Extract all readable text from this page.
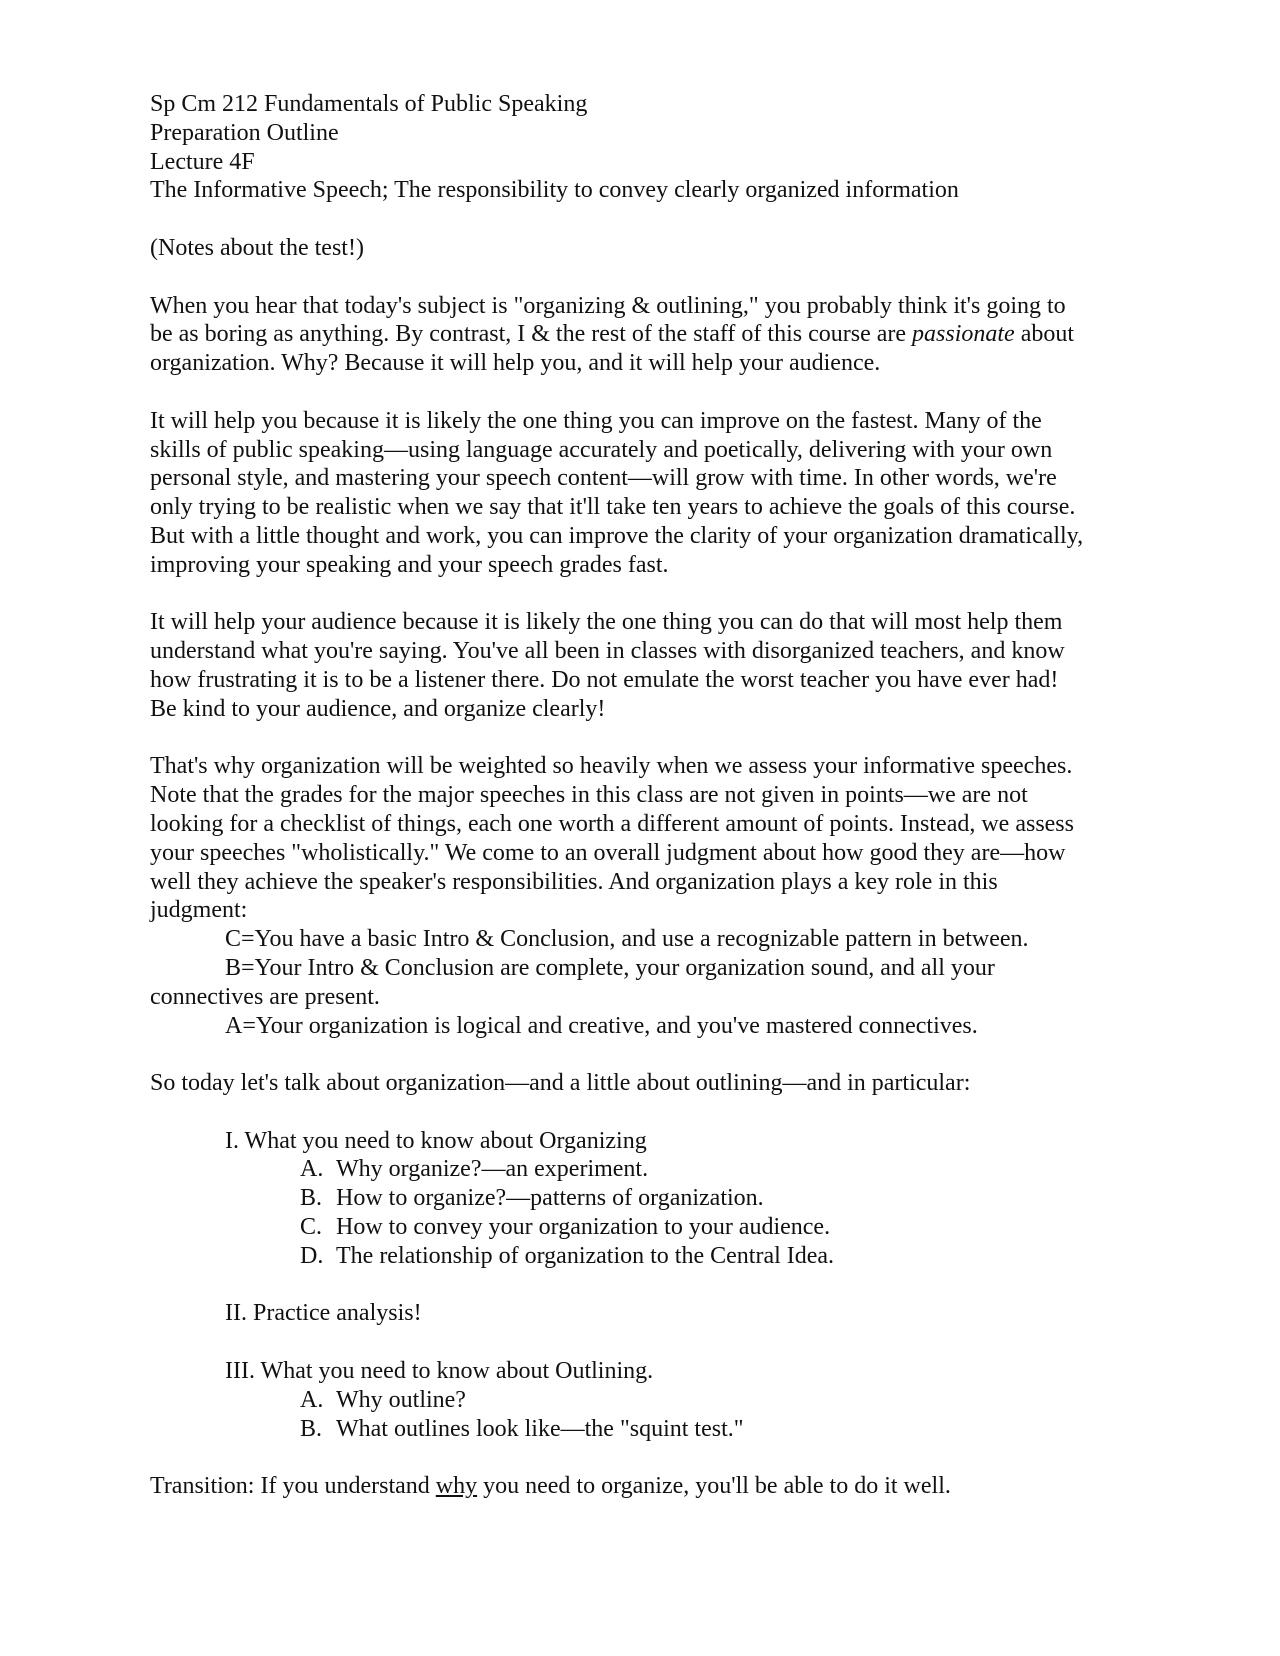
Sp Cm 212 Fundamentals of Public Speaking
Preparation Outline
Lecture 4F
The Informative Speech; The responsibility to convey clearly organized information
(Notes about the test!)
When you hear that today's subject is "organizing & outlining," you probably think it's going to
be as boring as anything. By contrast, I & the rest of the staff of this course are passionate about
organization. Why? Because it will help you, and it will help your audience.
It will help you because it is likely the one thing you can improve on the fastest. Many of the
skills of public speaking—using language accurately and poetically, delivering with your own
personal style, and mastering your speech content—will grow with time. In other words, we're
only trying to be realistic when we say that it'll take ten years to achieve the goals of this course.
But with a little thought and work, you can improve the clarity of your organization dramatically,
improving your speaking and your speech grades fast.
It will help your audience because it is likely the one thing you can do that will most help them
understand what you're saying. You've all been in classes with disorganized teachers, and know
how frustrating it is to be a listener there. Do not emulate the worst teacher you have ever had!
Be kind to your audience, and organize clearly!
That's why organization will be weighted so heavily when we assess your informative speeches.
Note that the grades for the major speeches in this class are not given in points—we are not
looking for a checklist of things, each one worth a different amount of points. Instead, we assess
your speeches "wholistically." We come to an overall judgment about how good they are—how
well they achieve the speaker's responsibilities. And organization plays a key role in this
judgment:
C=You have a basic Intro & Conclusion, and use a recognizable pattern in between.
B=Your Intro & Conclusion are complete, your organization sound, and all your
connectives are present.
A=Your organization is logical and creative, and you've mastered connectives.
So today let's talk about organization—and a little about outlining—and in particular:
I. What you need to know about Organizing
A. Why organize?—an experiment.
B. How to organize?—patterns of organization.
C. How to convey your organization to your audience.
D. The relationship of organization to the Central Idea.
II. Practice analysis!
III. What you need to know about Outlining.
A. Why outline?
B. What outlines look like—the "squint test."
Transition: If you understand why you need to organize, you'll be able to do it well.
